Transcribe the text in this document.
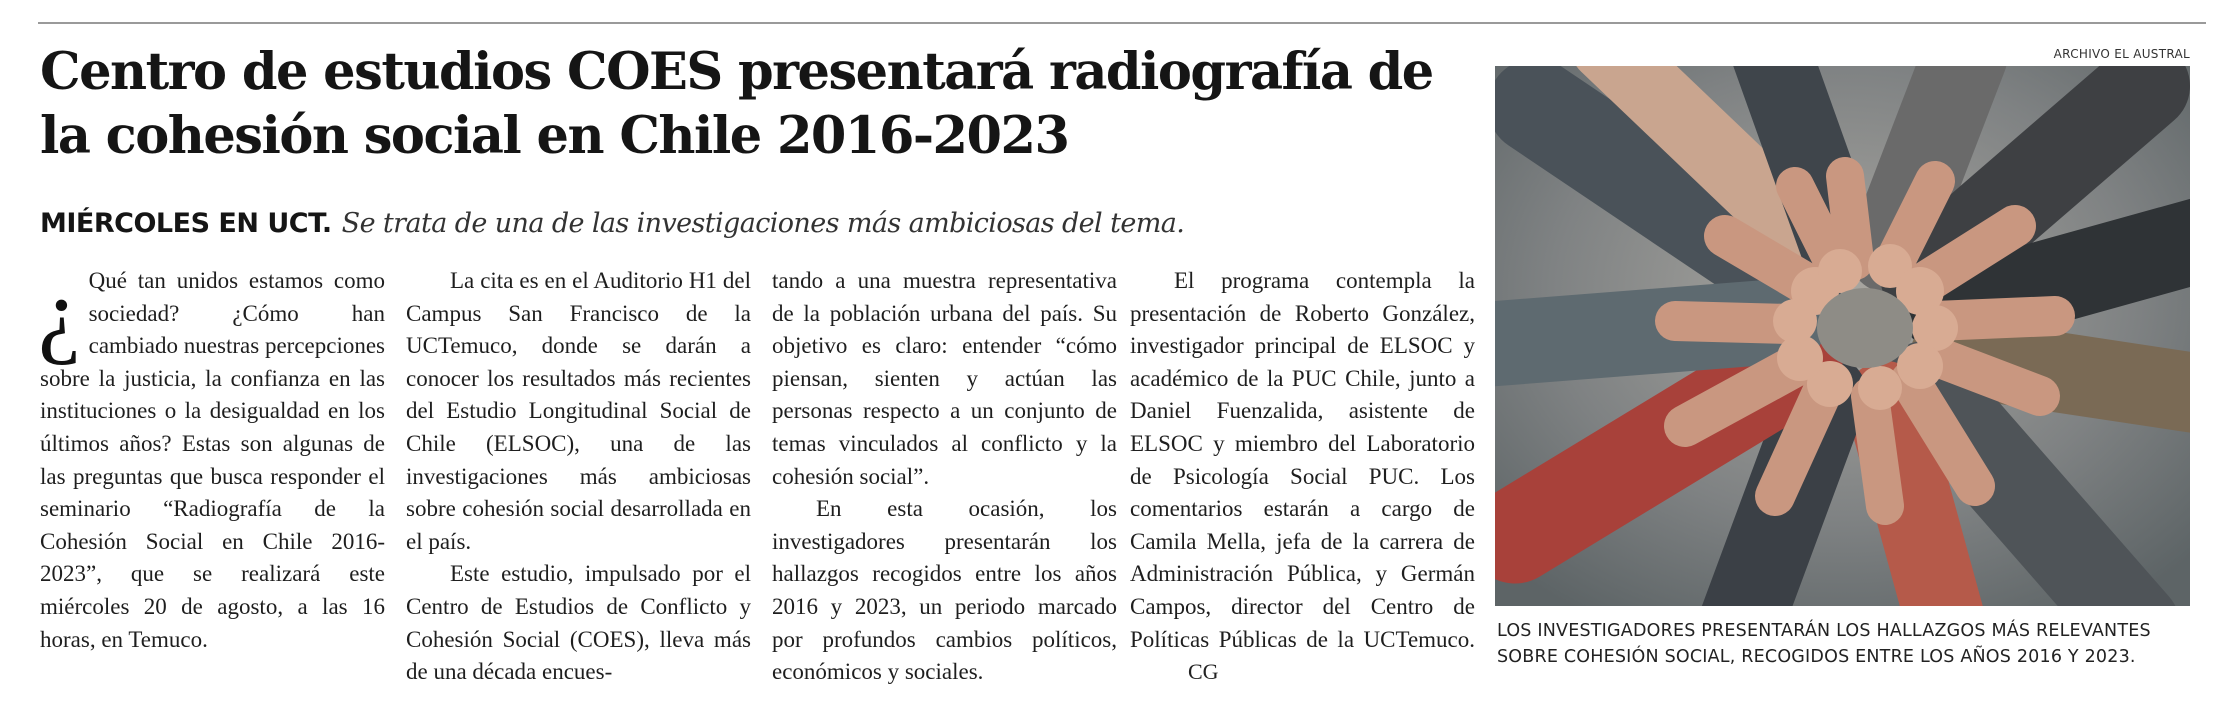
Centro de estudios COES presentará radiografía de la cohesión social en Chile 2016-2023
MIÉRCOLES EN UCT. Se trata de una de las investigaciones más ambiciosas del tema.

¿ Qué tan unidos estamos como sociedad? ¿Cómo han cambiado nuestras percepciones sobre la justicia, la confianza en las instituciones o la desigualdad en los últimos años? Estas son algunas de las preguntas que busca responder el seminario “Radiografía de la Cohesión Social en Chile 2016-2023”, que se realizará este miércoles 20 de agosto, a las 16 horas, en Temuco.

La cita es en el Auditorio H1 del Campus San Francisco de la UCTemuco, donde se darán a conocer los resultados más recientes del Estudio Longitudinal Social de Chile (ELSOC), una de las investigaciones más ambiciosas sobre cohesión social desarrollada en el país.

Este estudio, impulsado por el Centro de Estudios de Conflicto y Cohesión Social (COES), lleva más de una década encues-

tando a una muestra representativa de la población urbana del país. Su objetivo es claro: entender “cómo piensan, sienten y actúan las personas respecto a un conjunto de temas vinculados al conflicto y la cohesión social”.

En esta ocasión, los investigadores presentarán los hallazgos recogidos entre los años 2016 y 2023, un periodo marcado por profundos cambios políticos, económicos y sociales.

El programa contempla la presentación de Roberto González, investigador principal de ELSOC y académico de la PUC Chile, junto a Daniel Fuenzalida, asistente de ELSOC y miembro del Laboratorio de Psicología Social PUC. Los comentarios estarán a cargo de Camila Mella, jefa de la carrera de Administración Pública, y Germán Campos, director del Centro de Políticas Públicas de la UCTemuco.CG

ARCHIVO EL AUSTRAL
LOS INVESTIGADORES PRESENTARÁN LOS HALLAZGOS MÁS RELEVANTES SOBRE COHESIÓN SOCIAL, RECOGIDOS ENTRE LOS AÑOS 2016 Y 2023.
